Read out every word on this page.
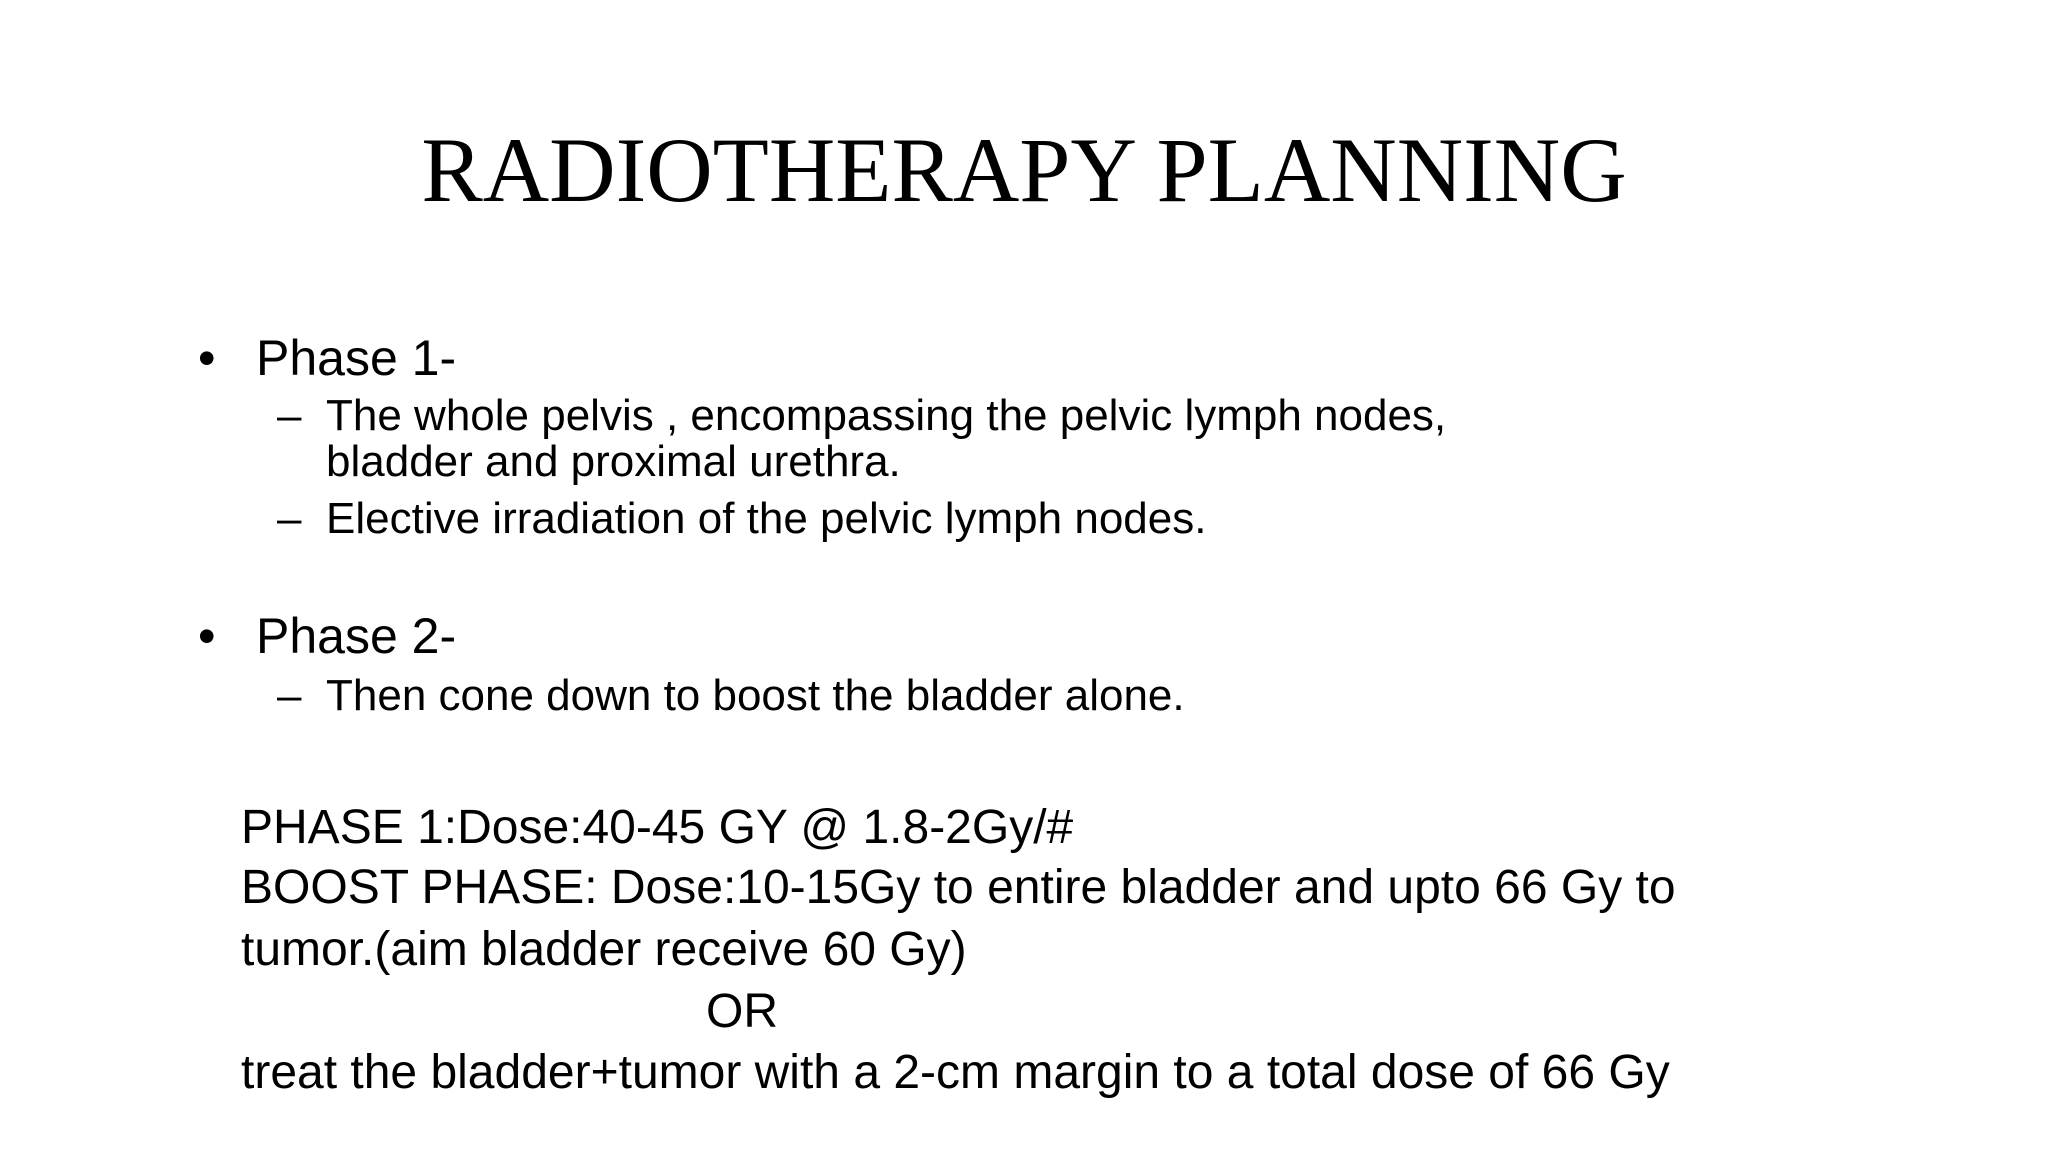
RADIOTHERAPY PLANNING
• Phase 1-
– The whole pelvis , encompassing the pelvic lymph nodes,
bladder and proximal urethra.
– Elective irradiation of the pelvic lymph nodes.
• Phase 2-
– Then cone down to boost the bladder alone.
PHASE 1:Dose:40-45 GY @ 1.8-2Gy/#
BOOST PHASE: Dose:10-15Gy to entire bladder and upto 66 Gy to
tumor.(aim bladder receive 60 Gy)
OR
treat the bladder+tumor with a 2-cm margin to a total dose of 66 Gy
